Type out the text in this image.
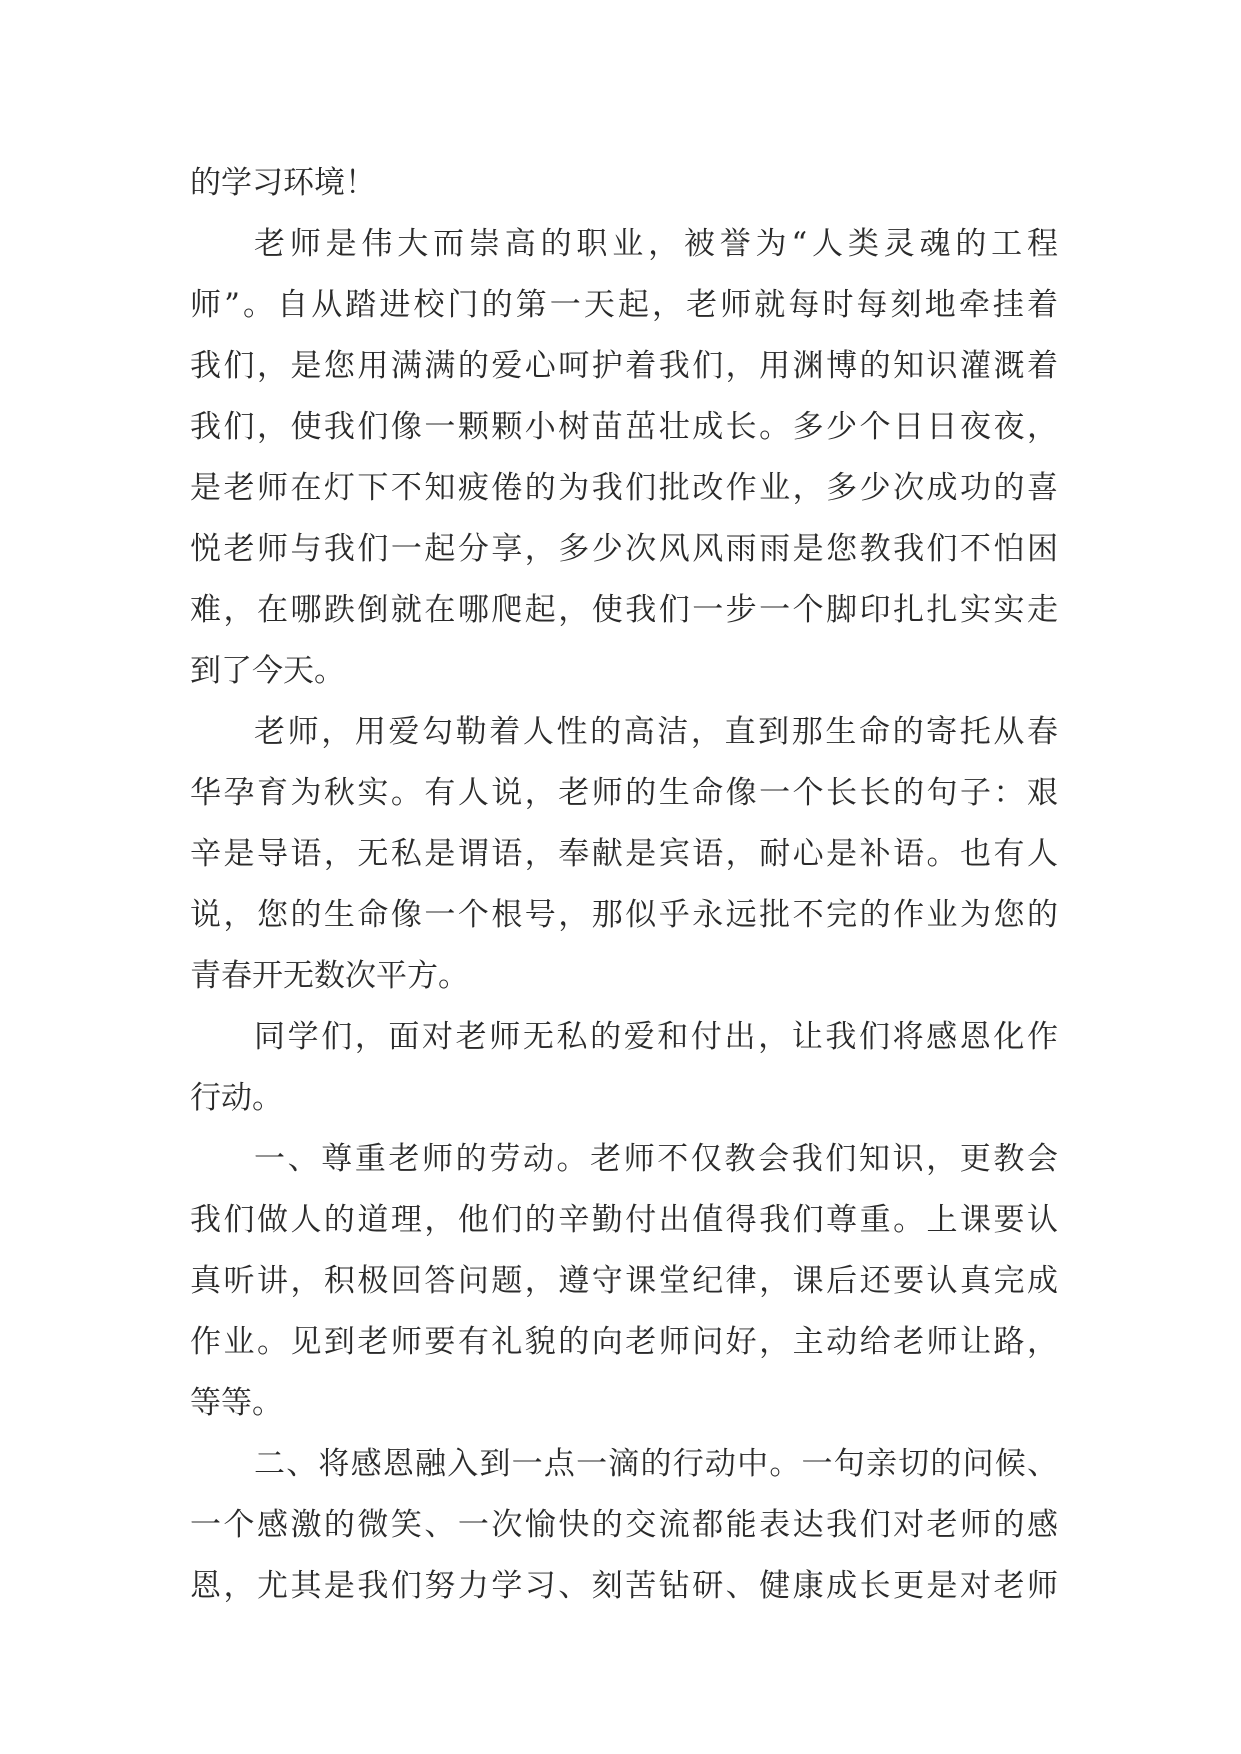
的学习环境！
老师是伟大而崇高的职业，被誉为“人类灵魂的工程
师”。自从踏进校门的第一天起，老师就每时每刻地牵挂着
我们，是您用满满的爱心呵护着我们，用渊博的知识灌溉着
我们，使我们像一颗颗小树苗茁壮成长。多少个日日夜夜，
是老师在灯下不知疲倦的为我们批改作业，多少次成功的喜
悦老师与我们一起分享，多少次风风雨雨是您教我们不怕困
难，在哪跌倒就在哪爬起，使我们一步一个脚印扎扎实实走
到了今天。
老师，用爱勾勒着人性的高洁，直到那生命的寄托从春
华孕育为秋实。有人说，老师的生命像一个长长的句子：艰
辛是导语，无私是谓语，奉献是宾语，耐心是补语。也有人
说，您的生命像一个根号，那似乎永远批不完的作业为您的
青春开无数次平方。
同学们，面对老师无私的爱和付出，让我们将感恩化作
行动。
一、尊重老师的劳动。老师不仅教会我们知识，更教会
我们做人的道理，他们的辛勤付出值得我们尊重。上课要认
真听讲，积极回答问题，遵守课堂纪律，课后还要认真完成
作业。见到老师要有礼貌的向老师问好，主动给老师让路，
等等。
二、将感恩融入到一点一滴的行动中。一句亲切的问候、
一个感激的微笑、一次愉快的交流都能表达我们对老师的感
恩，尤其是我们努力学习、刻苦钻研、健康成长更是对老师
